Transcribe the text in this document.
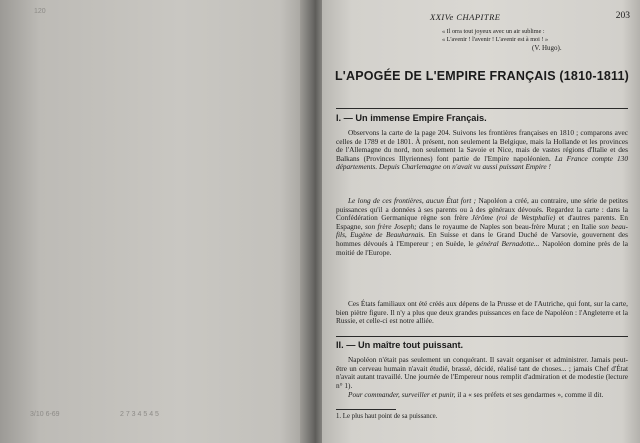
120
3/10 6-69	2 7 3 4 5 4 5
XXIVe CHAPITRE	203
« Il orra tout joyeux avec un air sublime :
« L'avenir ! l'avenir ! L'avenir est à moi ! »
(V. Hugo).
L'APOGÉE DE L'EMPIRE FRANÇAIS (1810-1811)
I. — Un immense Empire Français.

Observons la carte de la page 204. Suivons les frontières françaises en 1810 ; comparons avec celles de 1789 et de 1801. À présent, non seulement la Belgique, mais la Hollande et les provinces de l'Allemagne du nord, non seulement la Savoie et Nice, mais de vastes régions d'Italie et des Balkans (Provinces Illyriennes) font partie de l'Empire napoléonien. La France compte 130 départements. Depuis Charlemagne on n'avait vu aussi puissant Empire !

Le long de ces frontières, aucun État fort ; Napoléon a créé, au contraire, une série de petites puissances qu'il a données à ses parents ou à des généraux dévoués. Regardez la carte : dans la Confédération Germanique règne son frère Jérôme (roi de Westphalie) et d'autres parents. En Espagne, son frère Joseph; dans le royaume de Naples son beau-frère Murat ; en Italie son beau-fils, Eugène de Beauharnais. En Suisse et dans le Grand Duché de Varsovie, gouvernent des hommes dévoués à l'Empereur ; en Suède, le général Bernadotte... Napoléon domine près de la moitié de l'Europe.

Ces États familiaux ont été créés aux dépens de la Prusse et de l'Autriche, qui font, sur la carte, bien piètre figure. Il n'y a plus que deux grandes puissances en face de Napoléon : l'Angleterre et la Russie, et celle-ci est notre alliée.

II. — Un maître tout puissant.

Napoléon n'était pas seulement un conquérant. Il savait organiser et administrer. Jamais peut-être un cerveau humain n'avait étudié, brassé, décidé, réalisé tant de choses... ; jamais Chef d'État n'avait autant travaillé. Une journée de l'Empereur nous remplit d'admiration et de modestie (lecture n° 1).

Pour commander, surveiller et punir, il a « ses préfets et ses gendarmes », comme il dit.

1. Le plus haut point de sa puissance.
